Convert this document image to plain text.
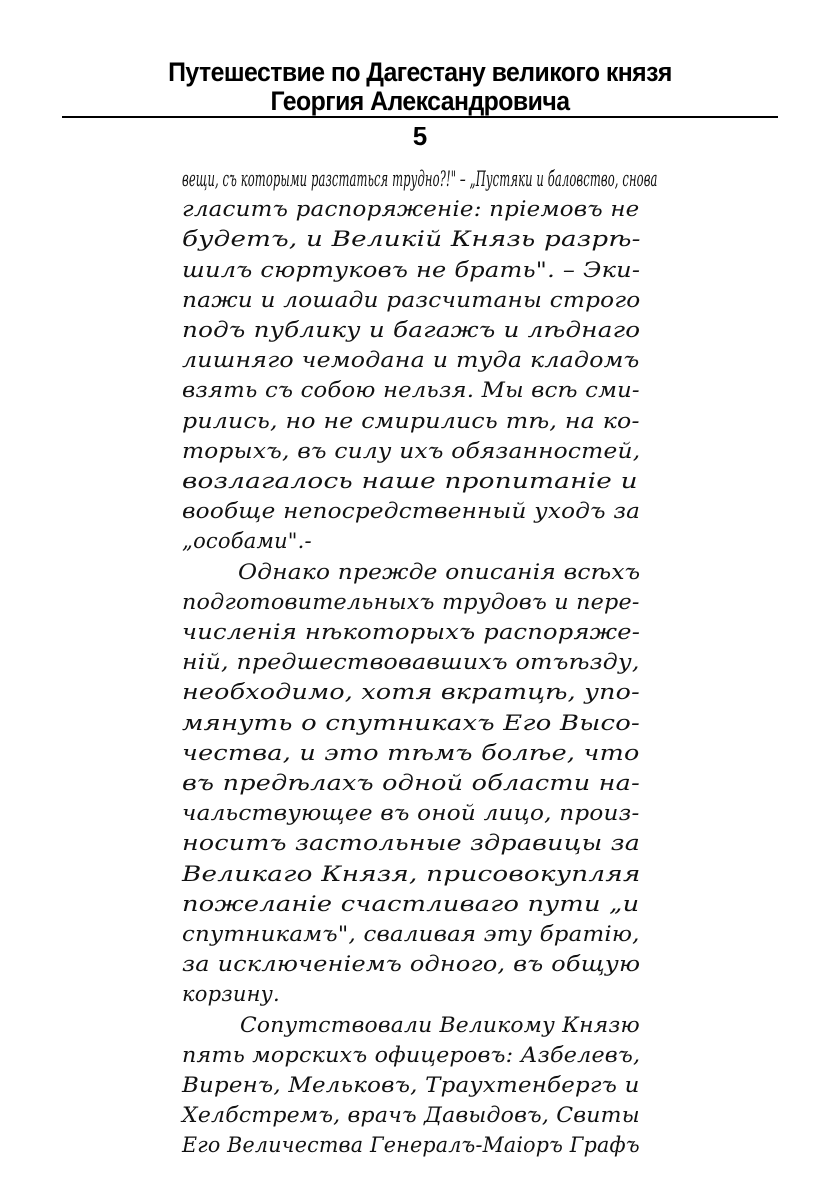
Путешествие по Дагестану великого князя
Георгия Александровича
5
вещи, съ которыми разстаться трудно?!" – „Пустяки и баловство, снова
гласитъ распоряженіе: пріемовъ не
будетъ, и Великій Князь разрѣ-
шилъ сюртуковъ не брать". – Эки-
пажи и лошади разсчитаны строго
подъ публику и багажъ и лѣднаго
лишняго чемодана и туда кладомъ
взять съ собою нельзя. Мы всѣ сми-
рились, но не смирились тѣ, на ко-
торыхъ, въ силу ихъ обязанностей,
возлагалось наше пропитаніе и
вообще непосредственный уходъ за
„особами".-
Однако прежде описанія всѣхъ
подготовительныхъ трудовъ и пере-
численія нѣкоторыхъ распоряже-
ній, предшествовавшихъ отъѣзду,
необходимо, хотя вкратцѣ, упо-
мянуть о спутникахъ Его Высо-
чества, и это тѣмъ болѣе, что
въ предѣлахъ одной области на-
чальствующее въ оной лицо, произ-
носитъ застольные здравицы за
Великаго Князя, присовокупляя
пожеланіе счастливаго пути „и
спутникамъ", сваливая эту братію,
за исключеніемъ одного, въ общую
корзину.
Сопутствовали Великому Князю
пять морскихъ офицеровъ: Азбелевъ,
Виренъ, Мельковъ, Траухтенбергъ и
Хелбстремъ, врачъ Давыдовъ, Свиты
Его Величества Генералъ-Маіоръ Графъ
